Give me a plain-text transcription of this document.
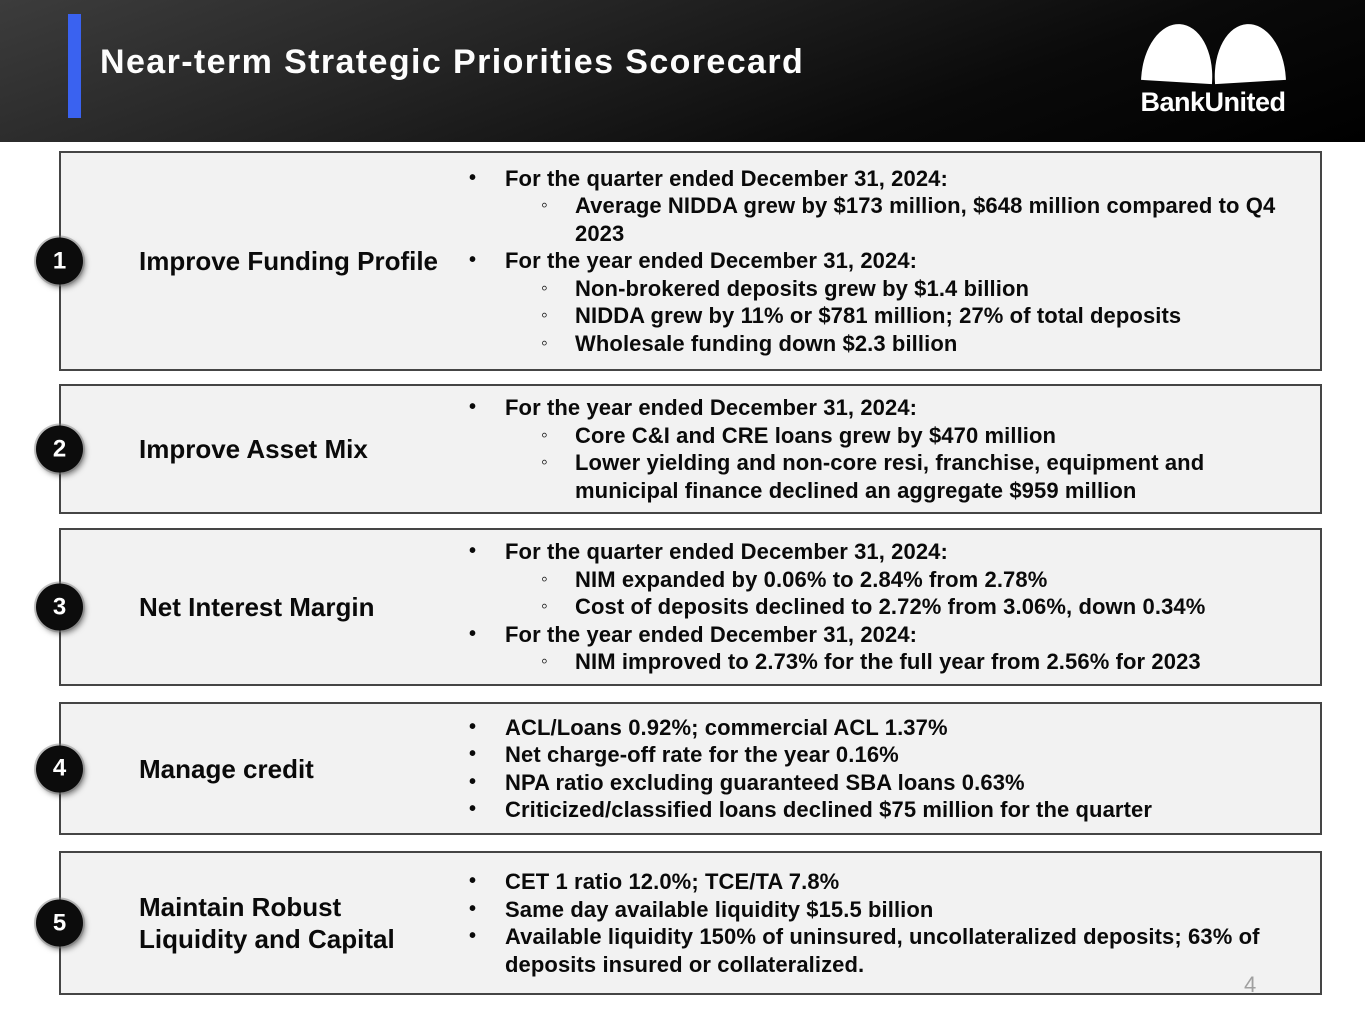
Near-term Strategic Priorities Scorecard
BankUnited
1	Improve Funding Profile
•	For the quarter ended December 31, 2024:
◦	Average NIDDA grew by $173 million, $648 million compared to Q4 2023
•	For the year ended December 31, 2024:
◦	Non-brokered deposits grew by $1.4 billion
◦	NIDDA grew by 11% or $781 million; 27% of total deposits
◦	Wholesale funding down $2.3 billion
2	Improve Asset Mix
•	For the year ended December 31, 2024:
◦	Core C&I and CRE loans grew by $470 million
◦	Lower yielding and non-core resi, franchise, equipment and municipal finance declined an aggregate $959 million
3	Net Interest Margin
•	For the quarter ended December 31, 2024:
◦	NIM expanded by 0.06% to 2.84% from 2.78%
◦	Cost of deposits declined to 2.72% from 3.06%, down 0.34%
•	For the year ended December 31, 2024:
◦	NIM improved to 2.73% for the full year from 2.56% for 2023
4	Manage credit
•	ACL/Loans 0.92%; commercial ACL 1.37%
•	Net charge-off rate for the year 0.16%
•	NPA ratio excluding guaranteed SBA loans 0.63%
•	Criticized/classified loans declined $75 million for the quarter
5
Maintain Robust
Liquidity and Capital
•	CET 1 ratio 12.0%; TCE/TA 7.8%
•	Same day available liquidity $15.5 billion
•	Available liquidity 150% of uninsured, uncollateralized deposits; 63% of deposits insured or collateralized.
4
